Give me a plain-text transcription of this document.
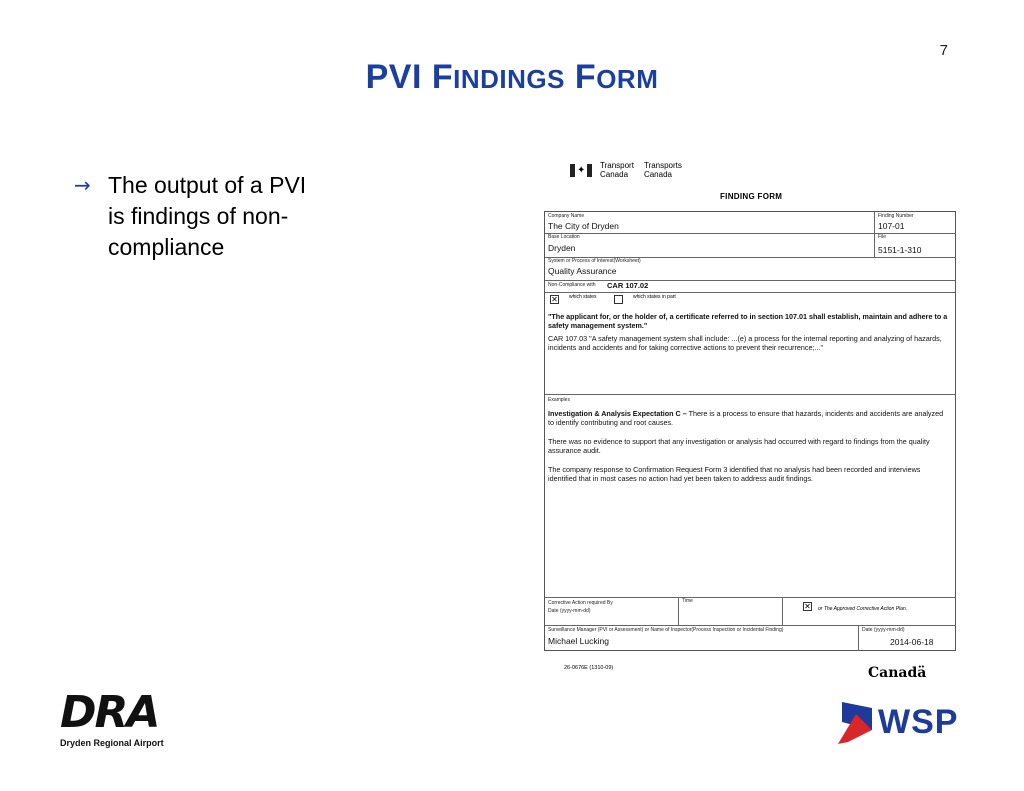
7
PVI FINDINGS FORM
→ The output of a PVI is findings of non-compliance
✦ Transport
Canada
Transports
Canada
FINDING FORM
Company Name
The City of Dryden
Finding Number
107-01
Base Location
Dryden
File
5151-1-310
System or Process of Interest(Worksheet)
Quality Assurance
Non-Compliance with CAR 107.02
✕ which states	which states in part
"The applicant for, or the holder of, a certificate referred to in section 107.01 shall establish, maintain and adhere to a safety management system."
CAR 107.03 "A safety management system shall include: ...(e) a process for the internal reporting and analyzing of hazards, incidents and accidents and for taking corrective actions to prevent their recurrence;..."
Examples
Investigation & Analysis Expectation C – There is a process to ensure that hazards, incidents and accidents are analyzed to identify contributing and root causes.
There was no evidence to support that any investigation or analysis had occurred with regard to findings from the quality assurance audit.
The company response to Confirmation Request Form 3 identified that no analysis had been recorded and interviews identified that in most cases no action had yet been taken to address audit findings.
Corrective Action required By
Date (yyyy-mm-dd)
Time
✕ or The Approved Corrective Action Plan.
Surveillance Manager (PVI or Assessment) or Name of Inspector(Process Inspection or Incidental Finding)
Michael Lucking
Date (yyyy-mm-dd)
2014-06-18
26-0676E (1310-09)	Canadä
DRA
Dryden Regional Airport
WSP
